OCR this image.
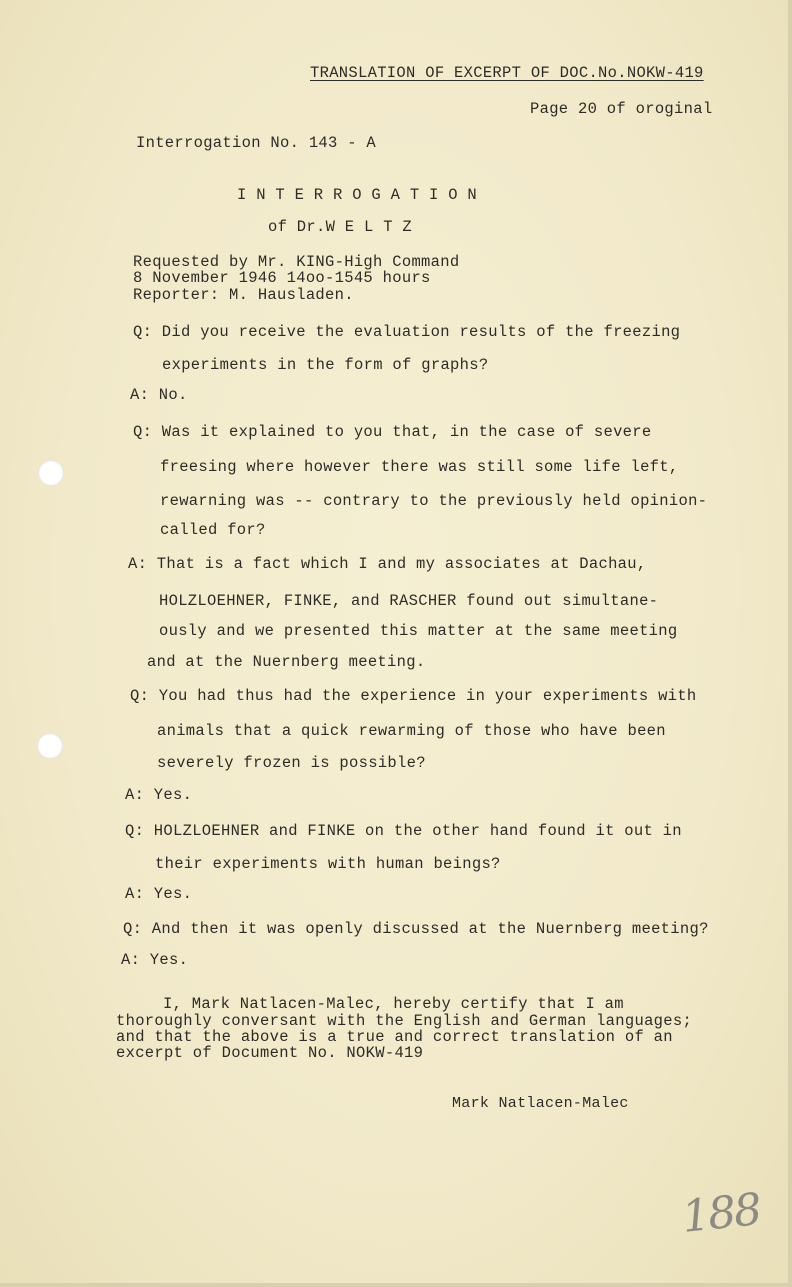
TRANSLATION OF EXCERPT OF DOC.No.NOKW-419
Page 20 of oroginal
Interrogation No. 143 - A
I N T E R R O G A T I O N
of Dr.W E L T Z
Requested by Mr. KING-High Command
8 November 1946 14oo-1545 hours
Reporter: M. Hausladen.
Q: Did you receive the evaluation results of the freezing
experiments in the form of graphs?
A: No.
Q: Was it explained to you that, in the case of severe
freesing where however there was still some life left,
rewarning was -- contrary to the previously held opinion-
called for?
A: That is a fact which I and my associates at Dachau,
HOLZLOEHNER, FINKE, and RASCHER found out simultane-
ously and we presented this matter at the same meeting
and at the Nuernberg meeting.
Q: You had thus had the experience in your experiments with
animals that a quick rewarming of those who have been
severely frozen is possible?
A: Yes.
Q: HOLZLOEHNER and FINKE on the other hand found it out in
their experiments with human beings?
A: Yes.
Q: And then it was openly discussed at the Nuernberg meeting?
A: Yes.
I, Mark Natlacen-Malec, hereby certify that I am
thoroughly conversant with the English and German languages;
and that the above is a true and correct translation of an
excerpt of Document No. NOKW-419
Mark Natlacen-Malec
188
